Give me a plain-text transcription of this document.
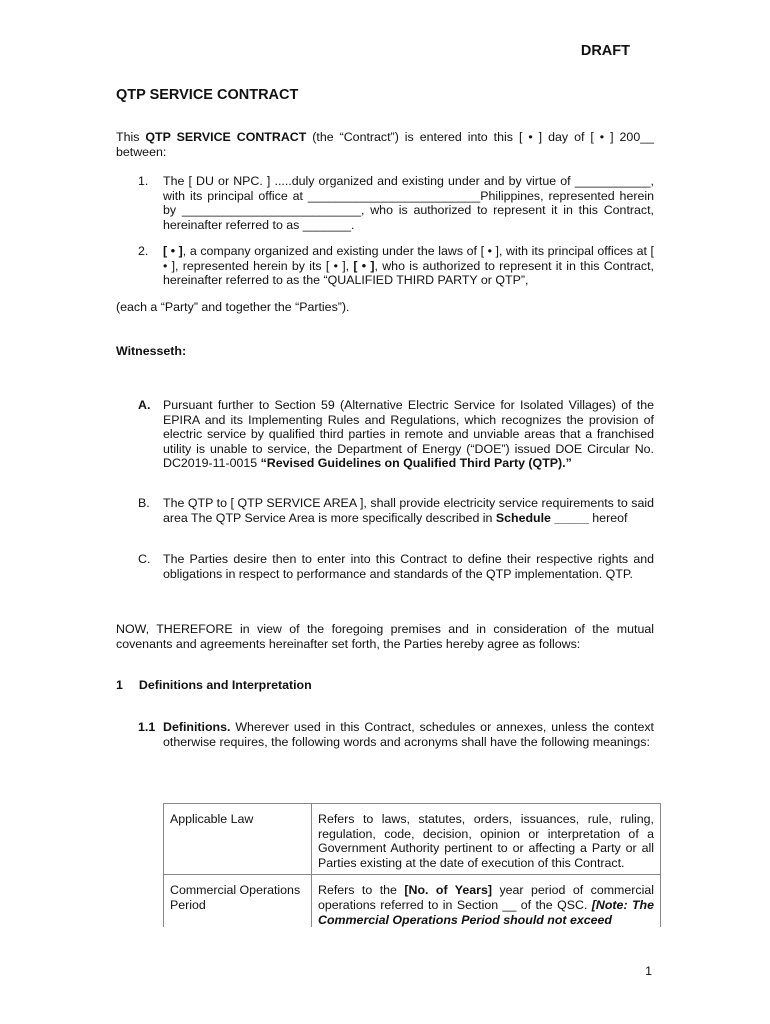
DRAFT
QTP SERVICE CONTRACT
This QTP SERVICE CONTRACT (the “Contract”) is entered into this [ • ] day of [ • ] 200__ between:
1. The [ DU or NPC. ] .....duly organized and existing under and by virtue of ___________, with its principal office at _________________________Philippines, represented herein by __________________________, who is authorized to represent it in this Contract, hereinafter referred to as _______.
2. [ • ], a company organized and existing under the laws of [ • ], with its principal offices at [ • ], represented herein by its [ • ], [ • ], who is authorized to represent it in this Contract, hereinafter referred to as the “QUALIFIED THIRD PARTY or QTP”,
(each a “Party” and together the “Parties”).
Witnesseth:
A. Pursuant further to Section 59 (Alternative Electric Service for Isolated Villages) of the EPIRA and its Implementing Rules and Regulations, which recognizes the provision of electric service by qualified third parties in remote and unviable areas that a franchised utility is unable to service, the Department of Energy (“DOE”) issued DOE Circular No. DC2019-11-0015 “Revised Guidelines on Qualified Third Party (QTP).”
B. The QTP to [ QTP SERVICE AREA ], shall provide electricity service requirements to said area The QTP Service Area is more specifically described in Schedule _____ hereof
C. The Parties desire then to enter into this Contract to define their respective rights and obligations in respect to performance and standards of the QTP implementation. QTP.
NOW, THEREFORE in view of the foregoing premises and in consideration of the mutual covenants and agreements hereinafter set forth, the Parties hereby agree as follows:
1 Definitions and Interpretation
1.1 Definitions. Wherever used in this Contract, schedules or annexes, unless the context otherwise requires, the following words and acronyms shall have the following meanings:
Applicable Law	Refers to laws, statutes, orders, issuances, rule, ruling, regulation, code, decision, opinion or interpretation of a Government Authority pertinent to or affecting a Party or all Parties existing at the date of execution of this Contract.
Commercial Operations Period	Refers to the [No. of Years] year period of commercial operations referred to in Section __ of the QSC. [Note: The Commercial Operations Period should not exceed
1
